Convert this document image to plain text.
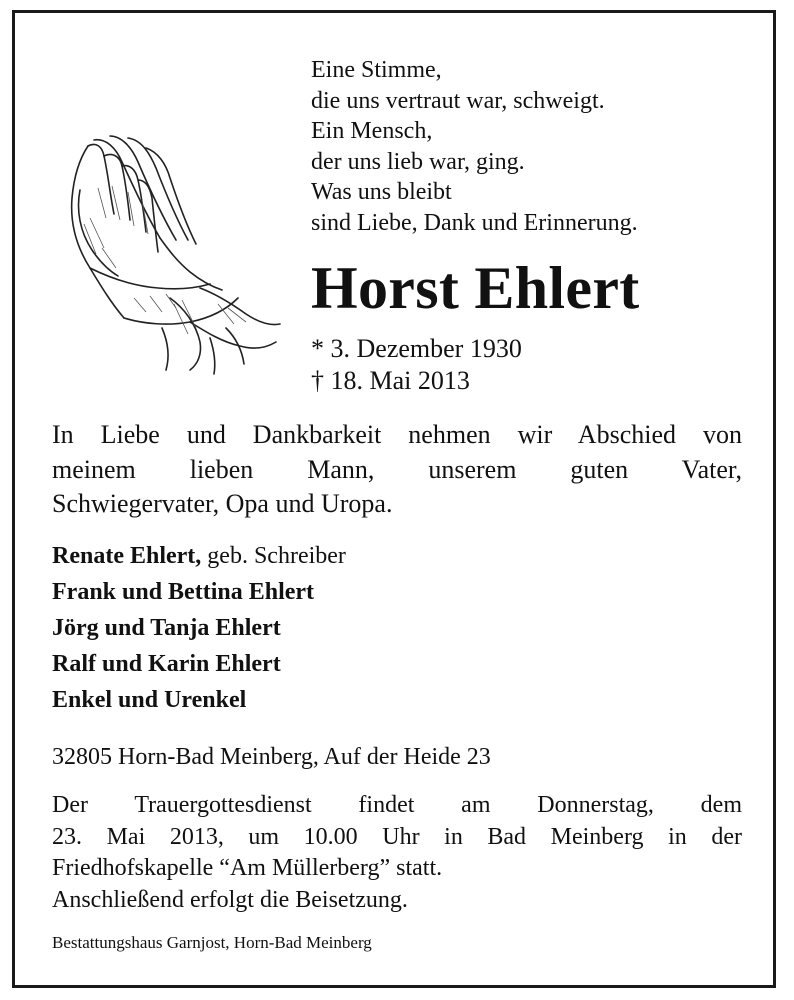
Eine Stimme,
die uns vertraut war, schweigt.
Ein Mensch,
der uns lieb war, ging.
Was uns bleibt
sind Liebe, Dank und Erinnerung.
Horst Ehlert
* 3. Dezember 1930
† 18. Mai 2013
In Liebe und Dankbarkeit nehmen wir Abschied von
meinem lieben Mann, unserem guten Vater,
Schwiegervater, Opa und Uropa.
Renate Ehlert, geb. Schreiber
Frank und Bettina Ehlert
Jörg und Tanja Ehlert
Ralf und Karin Ehlert
Enkel und Urenkel
32805 Horn-Bad Meinberg, Auf der Heide 23
Der Trauergottesdienst findet am Donnerstag, dem
23. Mai 2013, um 10.00 Uhr in Bad Meinberg in der
Friedhofskapelle “Am Müllerberg” statt.
Anschließend erfolgt die Beisetzung.
Bestattungshaus Garnjost, Horn-Bad Meinberg
